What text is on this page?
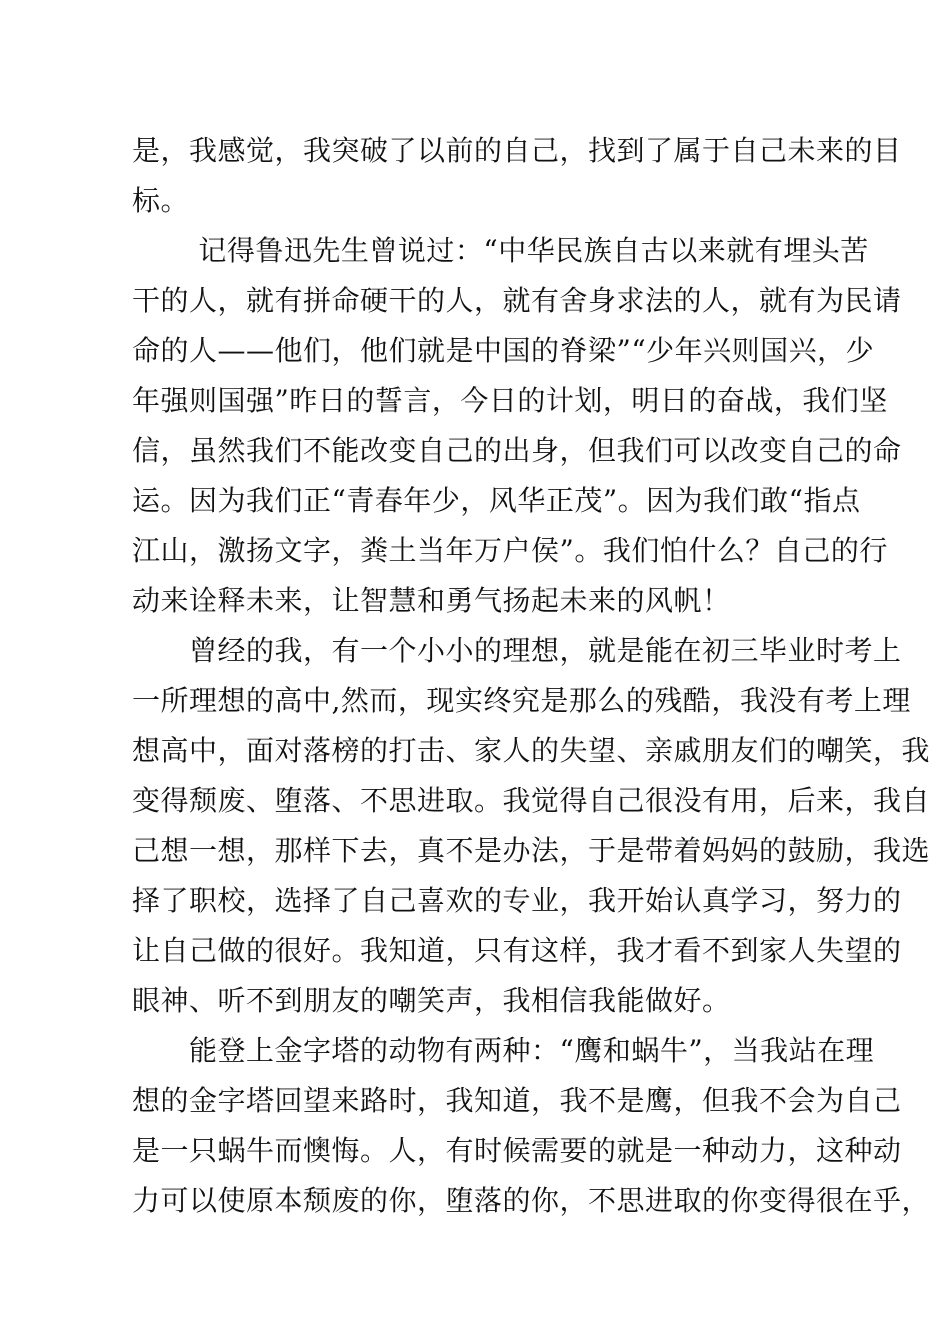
是，我感觉，我突破了以前的自己，找到了属于自己未来的目
标。
　　 记得鲁迅先生曾说过：“中华民族自古以来就有埋头苦
干的人，就有拼命硬干的人，就有舍身求法的人，就有为民请
命的人——他们，他们就是中国的脊梁”“少年兴则国兴，少
年强则国强”昨日的誓言，今日的计划，明日的奋战，我们坚
信，虽然我们不能改变自己的出身，但我们可以改变自己的命
运。因为我们正“青春年少，风华正茂”。因为我们敢“指点
江山，激扬文字，粪土当年万户侯”。我们怕什么？自己的行
动来诠释未来，让智慧和勇气扬起未来的风帆！
　　曾经的我，有一个小小的理想，就是能在初三毕业时考上
一所理想的高中,然而，现实终究是那么的残酷，我没有考上理
想高中，面对落榜的打击、家人的失望、亲戚朋友们的嘲笑，我
变得颓废、堕落、不思进取。我觉得自己很没有用，后来，我自
己想一想，那样下去，真不是办法，于是带着妈妈的鼓励，我选
择了职校，选择了自己喜欢的专业，我开始认真学习，努力的
让自己做的很好。我知道，只有这样，我才看不到家人失望的
眼神、听不到朋友的嘲笑声，我相信我能做好。
　　能登上金字塔的动物有两种：“鹰和蜗牛”，当我站在理
想的金字塔回望来路时，我知道，我不是鹰，但我不会为自己
是一只蜗牛而懊悔。人，有时候需要的就是一种动力，这种动
力可以使原本颓废的你，堕落的你，不思进取的你变得很在乎，
